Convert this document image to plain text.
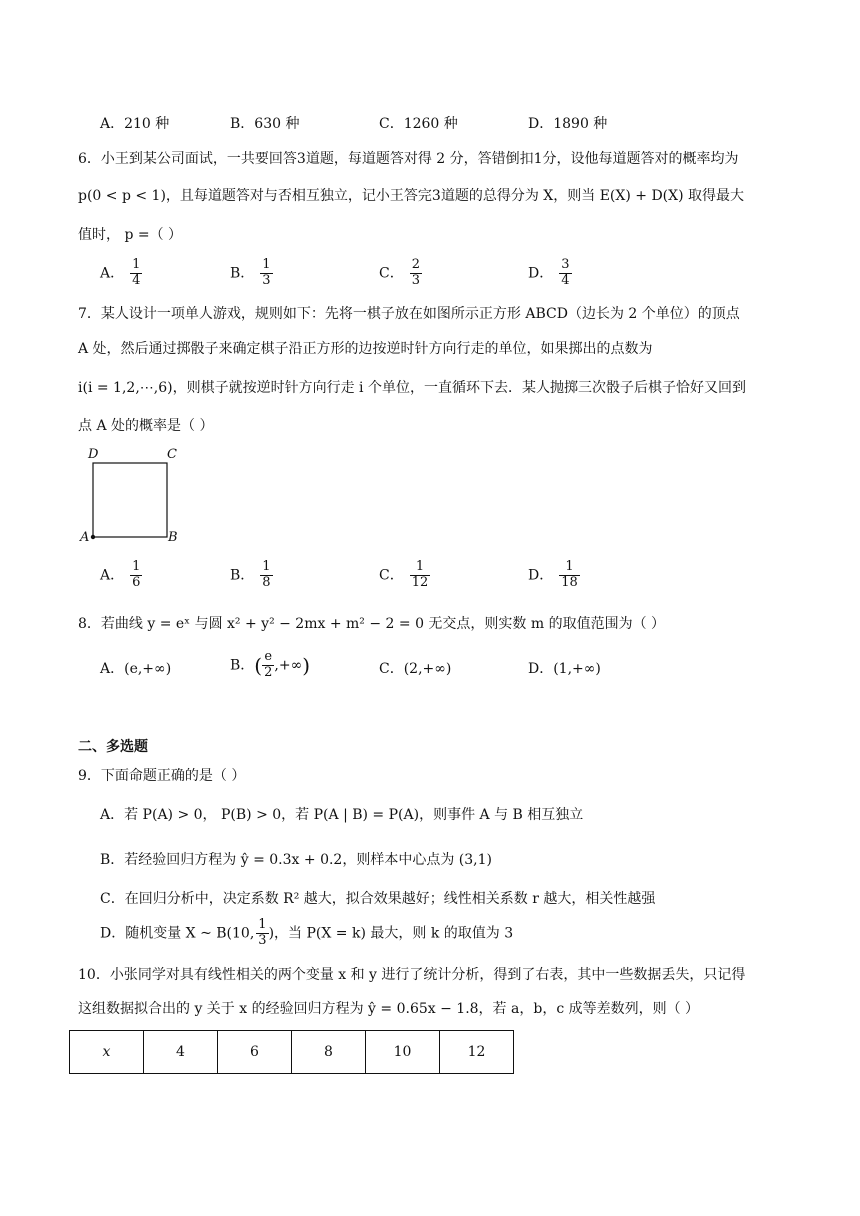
A．210 种	B．630 种	C．1260 种	D．1890 种
6．小王到某公司面试，一共要回答3道题，每道题答对得 2 分，答错倒扣1分，设他每道题答对的概率均为
p(0 < p < 1)，且每道题答对与否相互独立，记小王答完3道题的总得分为 X，则当 E(X) + D(X) 取得最大
值时， p =（ ）
A． $\frac{1}{4}$	B． $\frac{1}{3}$	C． $\frac{2}{3}$	D． $\frac{3}{4}$
7．某人设计一项单人游戏，规则如下：先将一棋子放在如图所示正方形 ABCD（边长为 2 个单位）的顶点
A 处，然后通过掷骰子来确定棋子沿正方形的边按逆时针方向行走的单位，如果掷出的点数为
i(i = 1,2,⋯,6)，则棋子就按逆时针方向行走 i 个单位，一直循环下去．某人抛掷三次骰子后棋子恰好又回到
点 A 处的概率是（ ）
D	C
A	B
A． $\frac{1}{6}$	B． $\frac{1}{8}$	C． $\frac{1}{12}$	D． $\frac{1}{18}$
8．若曲线 y = eˣ 与圆 x² + y² − 2mx + m² − 2 = 0 无交点，则实数 m 的取值范围为（ ）
A．(e,+∞)	B．( $\frac{e}{2}$ ,+∞)	C．(2,+∞)	D．(1,+∞)
二、多选题
9．下面命题正确的是（ ）
A．若 P(A) > 0， P(B) > 0，若 P(A | B) = P(A)，则事件 A 与 B 相互独立
B．若经验回归方程为 ŷ = 0.3x + 0.2，则样本中心点为 (3,1)
C．在回归分析中，决定系数 R² 越大，拟合效果越好；线性相关系数 r 越大，相关性越强
D．随机变量 X ~ B(10, $\frac{1}{3}$ )，当 P(X = k) 最大，则 k 的取值为 3
10．小张同学对具有线性相关的两个变量 x 和 y 进行了统计分析，得到了右表，其中一些数据丢失，只记得
这组数据拟合出的 y 关于 x 的经验回归方程为 ŷ = 0.65x − 1.8，若 a，b，c 成等差数列，则（ ）
x	4	6	8	10	12
